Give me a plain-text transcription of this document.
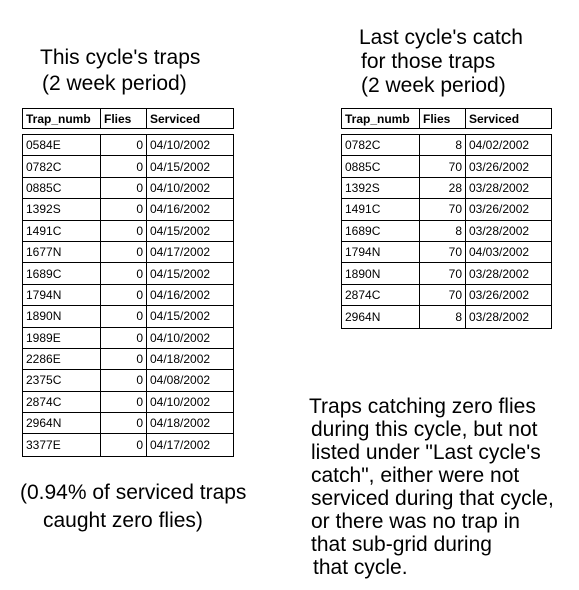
This cycle's traps
(2 week period)
Last cycle's catch
for those traps
(2 week period)
Trap_numb	Flies	Serviced
0584E	0 04/10/2002
0782C	0 04/15/2002
0885C	0 04/10/2002
1392S	0 04/16/2002
1491C	0 04/15/2002
1677N	0 04/17/2002
1689C	0 04/15/2002
1794N	0 04/16/2002
1890N	0 04/15/2002
1989E	0 04/10/2002
2286E	0 04/18/2002
2375C	0 04/08/2002
2874C	0 04/10/2002
2964N	0 04/18/2002
3377E	0 04/17/2002
Trap_numb	Flies	Serviced
0782C	8 04/02/2002
0885C	70 03/26/2002
1392S	28 03/28/2002
1491C	70 03/26/2002
1689C	8 03/28/2002
1794N	70 04/03/2002
1890N	70 03/28/2002
2874C	70 03/26/2002
2964N	8 03/28/2002
(0.94% of serviced traps
caught zero flies)
Traps catching zero flies
during this cycle, but not
listed under "Last cycle's
catch", either were not
serviced during that cycle,
or there was no trap in
that sub-grid during
that cycle.
